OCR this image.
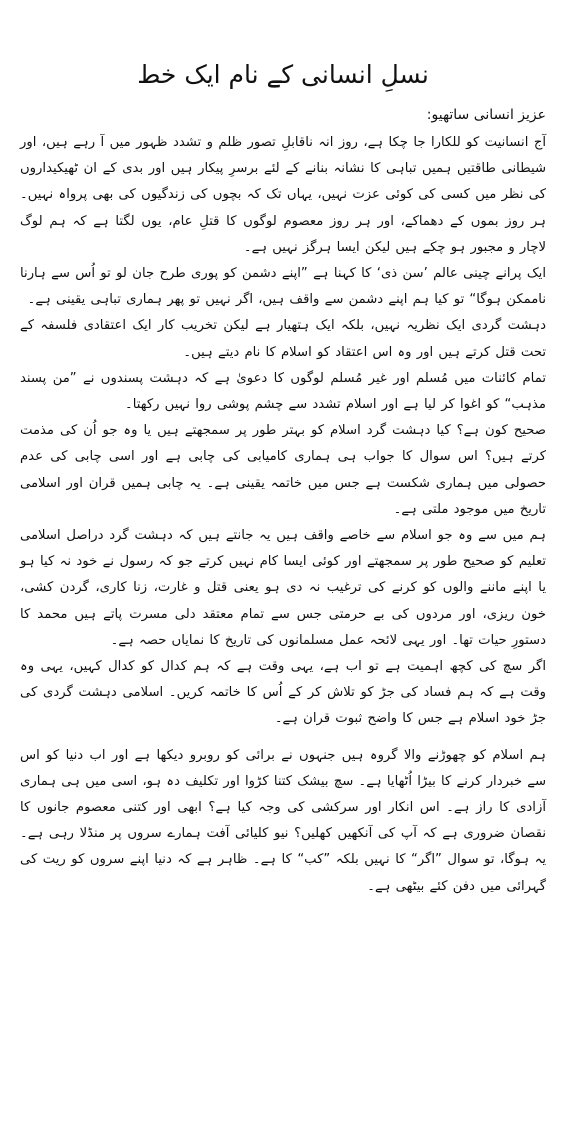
نسلِ انسانی کے نام ایک خط

عزیز انسانی ساتھیو:

آج انسانیت کو للکارا جا چکا ہے، روز انہ ناقابلِ تصور ظلم و تشدد ظہور میں آ رہے ہیں، اور شیطانی طاقتیں ہمیں تباہی کا نشانہ بنانے کے لئے برسرِ پیکار ہیں اور بدی کے ان ٹھیکیداروں کی نظر میں کسی کی کوئی عزت نہیں، یہاں تک کہ بچوں کی زندگیوں کی بھی پرواہ نہیں۔ ہر روز بموں کے دھماکے، اور ہر روز معصوم لوگوں کا قتلِ عام، یوں لگتا ہے کہ ہم لوگ لاچار و مجبور ہو چکے ہیں لیکن ایسا ہرگز نہیں ہے۔

ایک پرانے چینی عالم ’سن ذی‘ کا کہنا ہے ”اپنے دشمن کو پوری طرح جان لو تو اُس سے ہارنا ناممکن ہوگا“ تو کیا ہم اپنے دشمن سے واقف ہیں، اگر نہیں تو پھر ہماری تباہی یقینی ہے۔

دہشت گردی ایک نظریہ نہیں، بلکہ ایک ہتھیار ہے لیکن تخریب کار ایک اعتقادی فلسفہ کے تحت قتل کرتے ہیں اور وہ اس اعتقاد کو اسلام کا نام دیتے ہیں۔

تمام کائنات میں مُسلم اور غیر مُسلم لوگوں کا دعویٰ ہے کہ دہشت پسندوں نے ”من پسند مذہب“ کو اغوا کر لیا ہے اور اسلام تشدد سے چشم پوشی روا نہیں رکھتا۔

صحیح کون ہے؟ کیا دہشت گرد اسلام کو بہتر طور پر سمجھتے ہیں یا وہ جو اُن کی مذمت کرتے ہیں؟ اس سوال کا جواب ہی ہماری کامیابی کی چابی ہے اور اسی چابی کی عدم حصولی میں ہماری شکست ہے جس میں خاتمہ یقینی ہے۔ یہ چابی ہمیں قران اور اسلامی تاریخ میں موجود ملتی ہے۔

ہم میں سے وہ جو اسلام سے خاصے واقف ہیں یہ جانتے ہیں کہ دہشت گرد دراصل اسلامی تعلیم کو صحیح طور پر سمجھتے اور کوئی ایسا کام نہیں کرتے جو کہ رسول نے خود نہ کیا ہو یا اپنے ماننے والوں کو کرنے کی ترغیب نہ دی ہو یعنی قتل و غارت، زنا کاری، گردن کشی، خون ریزی، اور مردوں کی بے حرمتی جس سے تمام معتقد دلی مسرت پاتے ہیں محمد کا دستورِ حیات تھا۔ اور یہی لائحہ عمل مسلمانوں کی تاریخ کا نمایاں حصہ ہے۔

اگر سچ کی کچھ اہمیت ہے تو اب ہے، یہی وقت ہے کہ ہم کدال کو کدال کہیں، یہی وہ وقت ہے کہ ہم فساد کی جڑ کو تلاش کر کے اُس کا خاتمہ کریں۔ اسلامی دہشت گردی کی جڑ خود اسلام ہے جس کا واضح ثبوت قران ہے۔

ہم اسلام کو چھوڑنے والا گروہ ہیں جنہوں نے برائی کو روبرو دیکھا ہے اور اب دنیا کو اس سے خبردار کرنے کا بیڑا اُٹھایا ہے۔ سچ بیشک کتنا کڑوا اور تکلیف دہ ہو، اسی میں ہی ہماری آزادی کا راز ہے۔ اس انکار اور سرکشی کی وجہ کیا ہے؟ ابھی اور کتنی معصوم جانوں کا نقصان ضروری ہے کہ آپ کی آنکھیں کھلیں؟ نیو کلیائی آفت ہمارے سروں پر منڈلا رہی ہے۔ یہ ہوگا، تو سوال ”اگر“ کا نہیں بلکہ ”کب“ کا ہے۔ ظاہر ہے کہ دنیا اپنے سروں کو ریت کی گہرائی میں دفن کئے بیٹھی ہے۔
